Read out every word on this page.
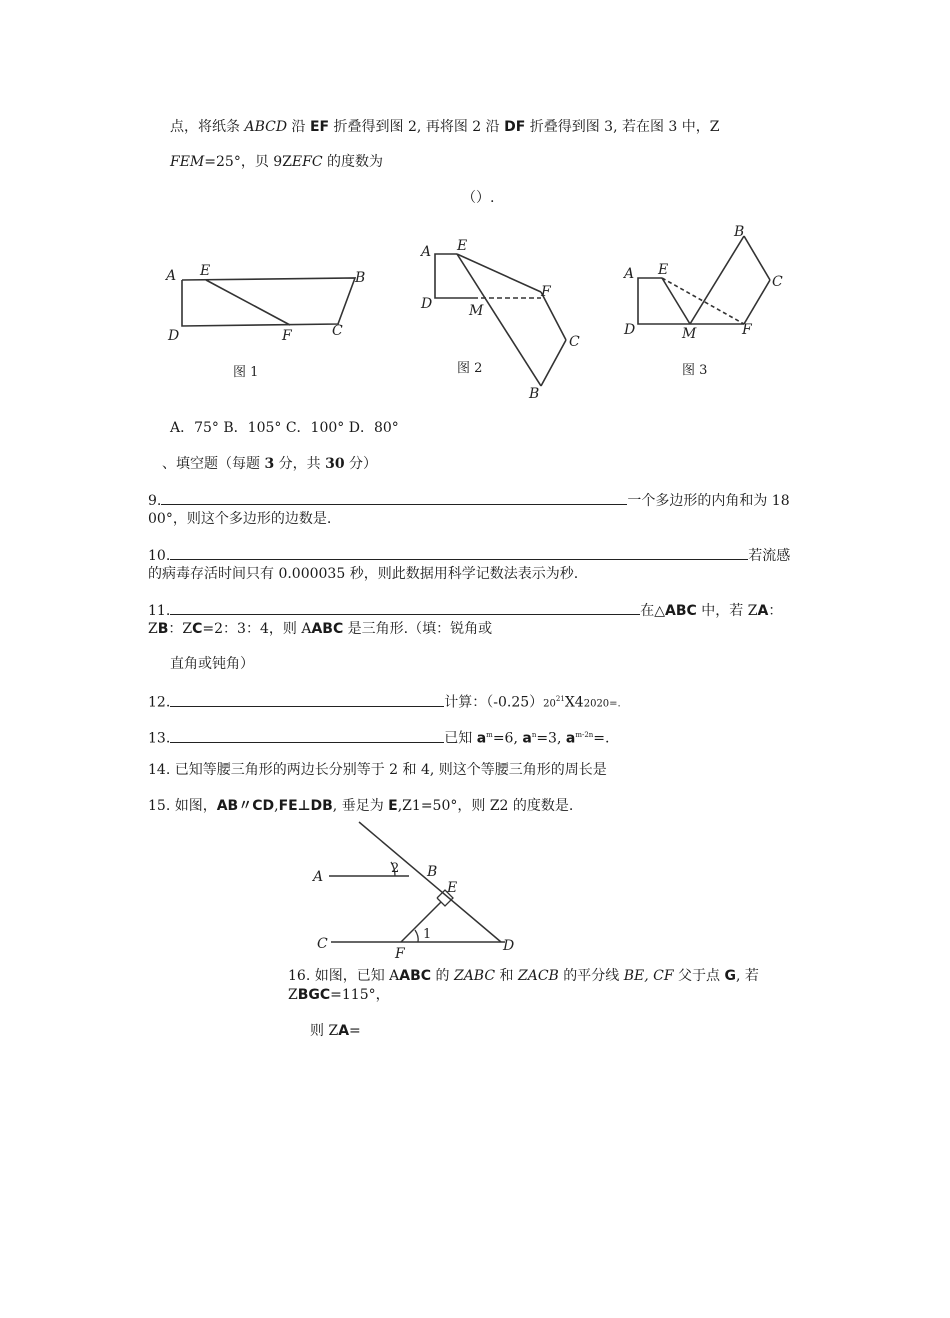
点，将纸条 ABCD 沿 EF 折叠得到图 2, 再将图 2 沿 DF 折叠得到图 3, 若在图 3 中，Z
FEM=25°，贝 9ZEFC 的度数为
（）.
A E	B
D	F	C
图 1
A E
D	M
F
C
B
图 2
A E
B
C
D	M	F
图 3
A．75° B．105° C．100° D．80°
、填空题（每题 3 分，共 30 分）
9.	一个多边形的内角和为 18
00°，则这个多边形的边数是.
10.	若流感
的病毒存活时间只有 0.000035 秒，则此数据用科学记数法表示为秒.
11.	在△ABC 中，若 ZA：
ZB：ZC=2：3：4，则 AABC 是三角形.（填：锐角或
直角或钝角）
12.	计算：$(-0.25)20^{21}X42020=$.
13.	已知 $a^m=6$, $a^n=3$, $a^{m-2n}=$.
14. 已知等腰三角形的两边长分别等于 2 和 4, 则这个等腰三角形的周长是
15. 如图，AB〃CD,FE⊥DB, 垂足为 E,Z1=50°，则 Z2 的度数是.
A
2 B
E
C
1
F	D
16. 如图，已知 AABC 的 ZABC 和 ZACB 的平分线 BE, CF 父于点 G, 若
ZBGC=115°，
则 ZA=
